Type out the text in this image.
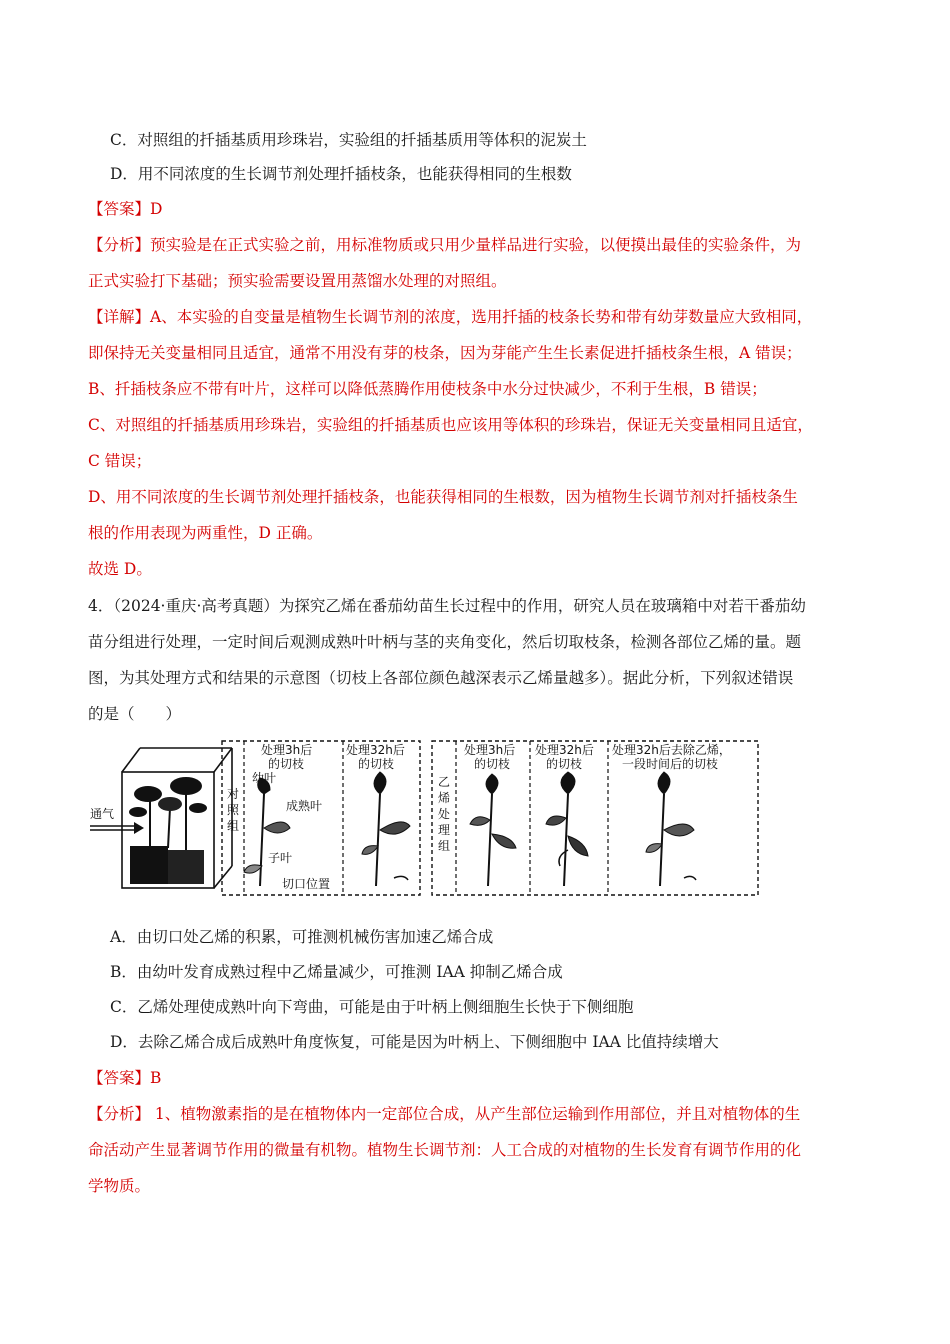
C．对照组的扦插基质用珍珠岩，实验组的扦插基质用等体积的泥炭土
D．用不同浓度的生长调节剂处理扦插枝条，也能获得相同的生根数
【答案】D
【分析】预实验是在正式实验之前，用标准物质或只用少量样品进行实验，以便摸出最佳的实验条件，为
正式实验打下基础；预实验需要设置用蒸馏水处理的对照组。
【详解】A、本实验的自变量是植物生长调节剂的浓度，选用扦插的枝条长势和带有幼芽数量应大致相同，
即保持无关变量相同且适宜，通常不用没有芽的枝条，因为芽能产生生长素促进扦插枝条生根，A 错误；
B、扦插枝条应不带有叶片，这样可以降低蒸腾作用使枝条中水分过快减少，不利于生根，B 错误；
C、对照组的扦插基质用珍珠岩，实验组的扦插基质也应该用等体积的珍珠岩，保证无关变量相同且适宜，
C 错误；
D、用不同浓度的生长调节剂处理扦插枝条，也能获得相同的生根数，因为植物生长调节剂对扦插枝条生
根的作用表现为两重性，D 正确。
故选 D。
4．（2024·重庆·高考真题）为探究乙烯在番茄幼苗生长过程中的作用，研究人员在玻璃箱中对若干番茄幼
苗分组进行处理，一定时间后观测成熟叶叶柄与茎的夹角变化，然后切取枝条，检测各部位乙烯的量。题
图，为其处理方式和结果的示意图（切枝上各部位颜色越深表示乙烯量越多）。据此分析，下列叙述错误
的是（　　）
通气
对
照
组
处理3h后
的切枝
处理32h后
的切枝
幼叶
成熟叶
子叶
切口位置
乙
烯
处
理
组
处理3h后
的切枝
处理32h后
的切枝
处理32h后去除乙烯，
一段时间后的切枝
A．由切口处乙烯的积累，可推测机械伤害加速乙烯合成
B．由幼叶发育成熟过程中乙烯量减少，可推测 IAA 抑制乙烯合成
C．乙烯处理使成熟叶向下弯曲，可能是由于叶柄上侧细胞生长快于下侧细胞
D．去除乙烯合成后成熟叶角度恢复，可能是因为叶柄上、下侧细胞中 IAA 比值持续增大
【答案】B
【分析】 1、植物激素指的是在植物体内一定部位合成，从产生部位运输到作用部位，并且对植物体的生
命活动产生显著调节作用的微量有机物。植物生长调节剂：人工合成的对植物的生长发育有调节作用的化
学物质。
